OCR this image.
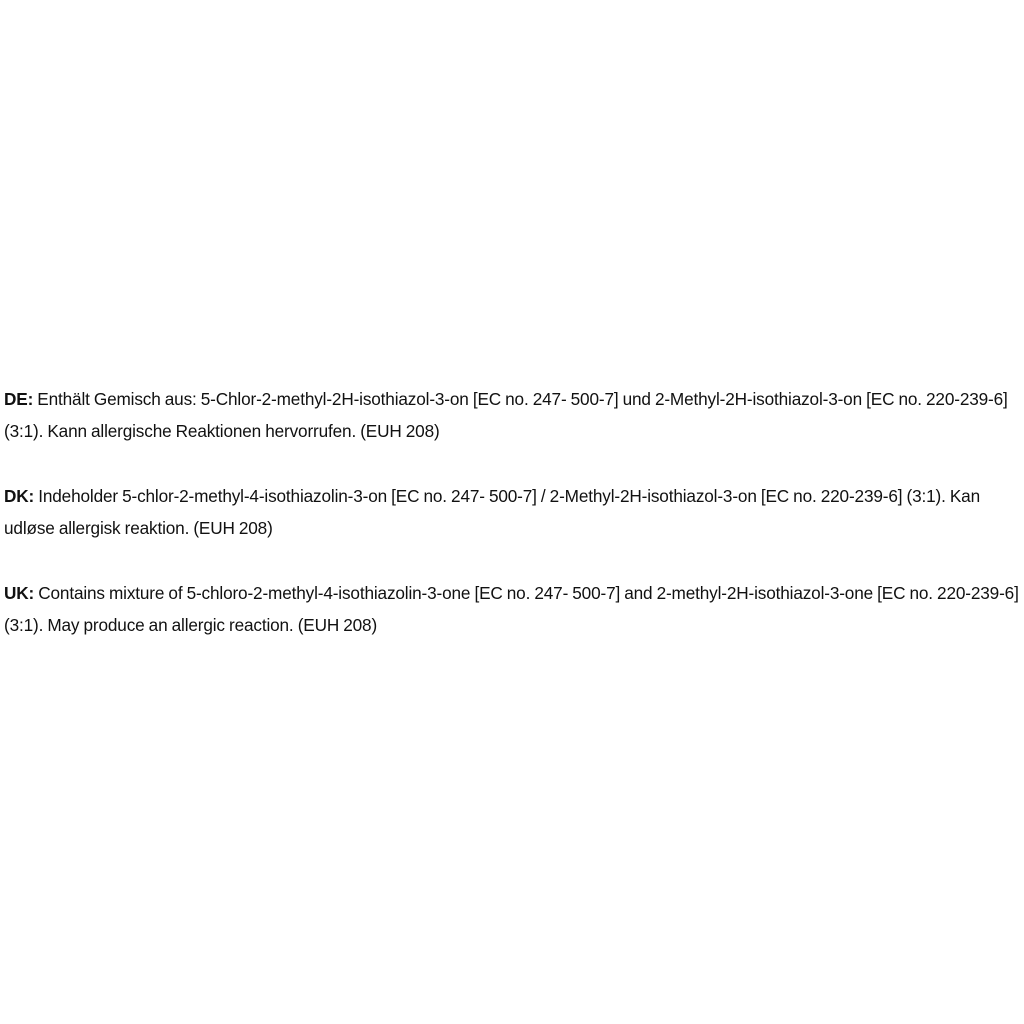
DE: Enthält Gemisch aus: 5-Chlor-2-methyl-2H-isothiazol-3-on [EC no. 247- 500-7] und 2-Methyl-2H-isothiazol-3-on [EC no. 220-239-6] (3:1). Kann allergische Reaktionen hervorrufen. (EUH 208)

DK: Indeholder 5-chlor-2-methyl-4-isothiazolin-3-on [EC no. 247- 500-7] / 2-Methyl-2H-isothiazol-3-on [EC no. 220-239-6] (3:1). Kan udløse allergisk reaktion. (EUH 208)

UK: Contains mixture of 5-chloro-2-methyl-4-isothiazolin-3-one [EC no. 247- 500-7] and 2-methyl-2H-isothiazol-3-one [EC no. 220-239-6] (3:1). May produce an allergic reaction. (EUH 208)
